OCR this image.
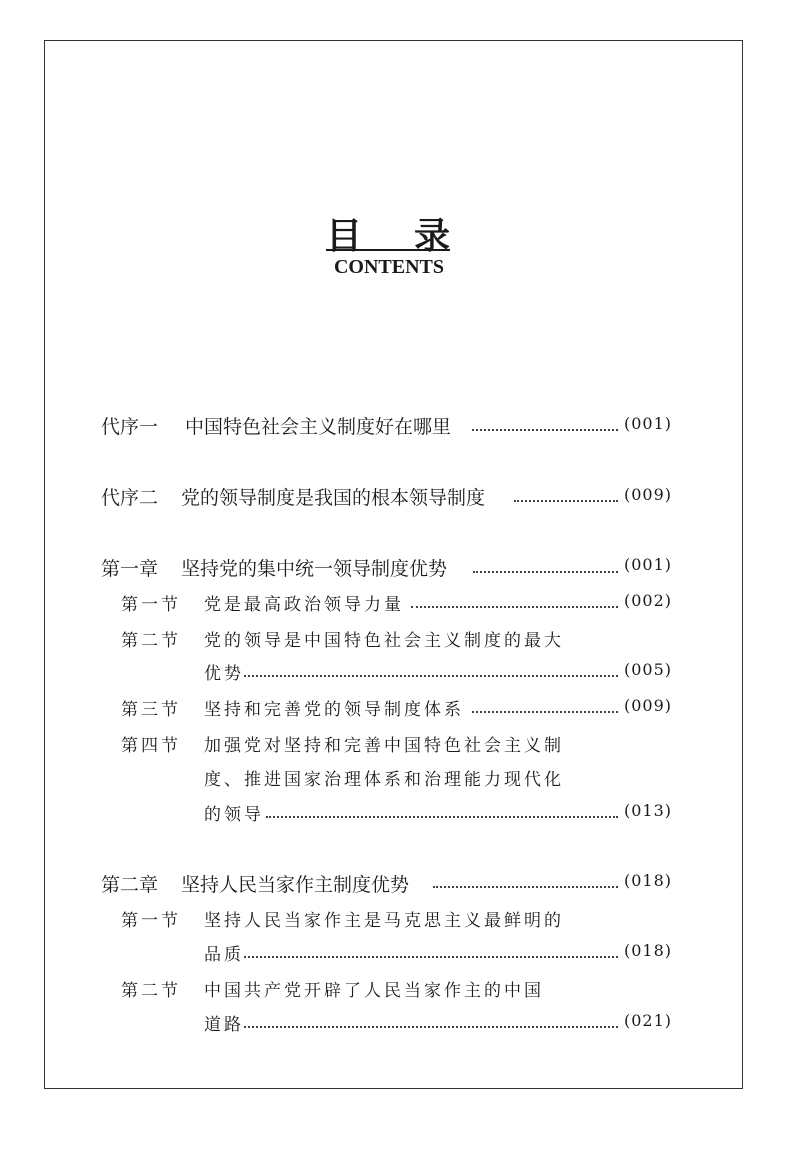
目 录
CONTENTS
代序一 中国特色社会主义制度好在哪里	(001)
代序二 党的领导制度是我国的根本领导制度	(009)
第一章 坚持党的集中统一领导制度优势	(001)
第一节 党是最高政治领导力量	(002)
第二节 党的领导是中国特色社会主义制度的最大
优势	(005)
第三节 坚持和完善党的领导制度体系	(009)
第四节 加强党对坚持和完善中国特色社会主义制
度、推进国家治理体系和治理能力现代化
的领导	(013)
第二章 坚持人民当家作主制度优势	(018)
第一节 坚持人民当家作主是马克思主义最鲜明的
品质	(018)
第二节 中国共产党开辟了人民当家作主的中国
道路	(021)
